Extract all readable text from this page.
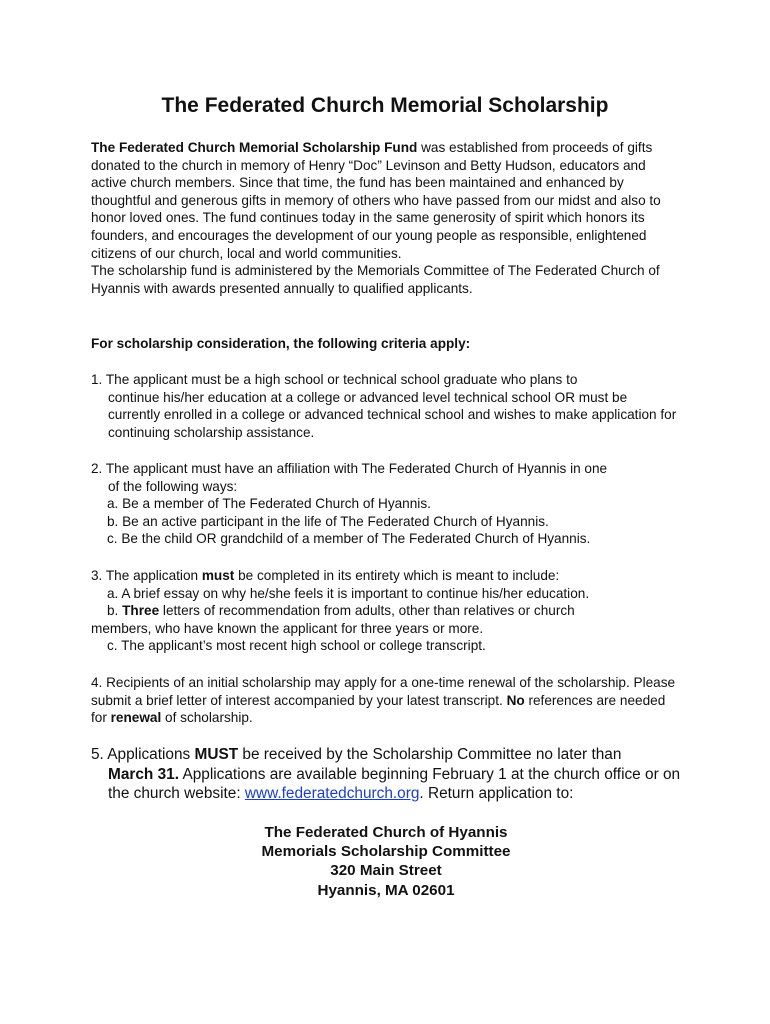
The Federated Church Memorial Scholarship

The Federated Church Memorial Scholarship Fund was established from proceeds of gifts donated to the church in memory of Henry “Doc” Levinson and Betty Hudson, educators and active church members. Since that time, the fund has been maintained and enhanced by thoughtful and generous gifts in memory of others who have passed from our midst and also to honor loved ones. The fund continues today in the same generosity of spirit which honors its founders, and encourages the development of our young people as responsible, enlightened citizens of our church, local and world communities.

The scholarship fund is administered by the Memorials Committee of The Federated Church of Hyannis with awards presented annually to qualified applicants.

For scholarship consideration, the following criteria apply:

1. The applicant must be a high school or technical school graduate who plans to

continue his/her education at a college or advanced level technical school OR must be currently enrolled in a college or advanced technical school and wishes to make application for continuing scholarship assistance.

2. The applicant must have an affiliation with The Federated Church of Hyannis in one

of the following ways:

a. Be a member of The Federated Church of Hyannis.

b. Be an active participant in the life of The Federated Church of Hyannis.

c. Be the child OR grandchild of a member of The Federated Church of Hyannis.

3. The application must be completed in its entirety which is meant to include:

a. A brief essay on why he/she feels it is important to continue his/her education.

b. Three letters of recommendation from adults, other than relatives or church

members, who have known the applicant for three years or more.

c. The applicant’s most recent high school or college transcript.

4. Recipients of an initial scholarship may apply for a one-time renewal of the scholarship. Please submit a brief letter of interest accompanied by your latest transcript. No references are needed for renewal of scholarship.

5. Applications MUST be received by the Scholarship Committee no later than

March 31. Applications are available beginning February 1 at the church office or on the church website: www.federatedchurch.org. Return application to:

The Federated Church of Hyannis

Memorials Scholarship Committee

320 Main Street

Hyannis, MA 02601
